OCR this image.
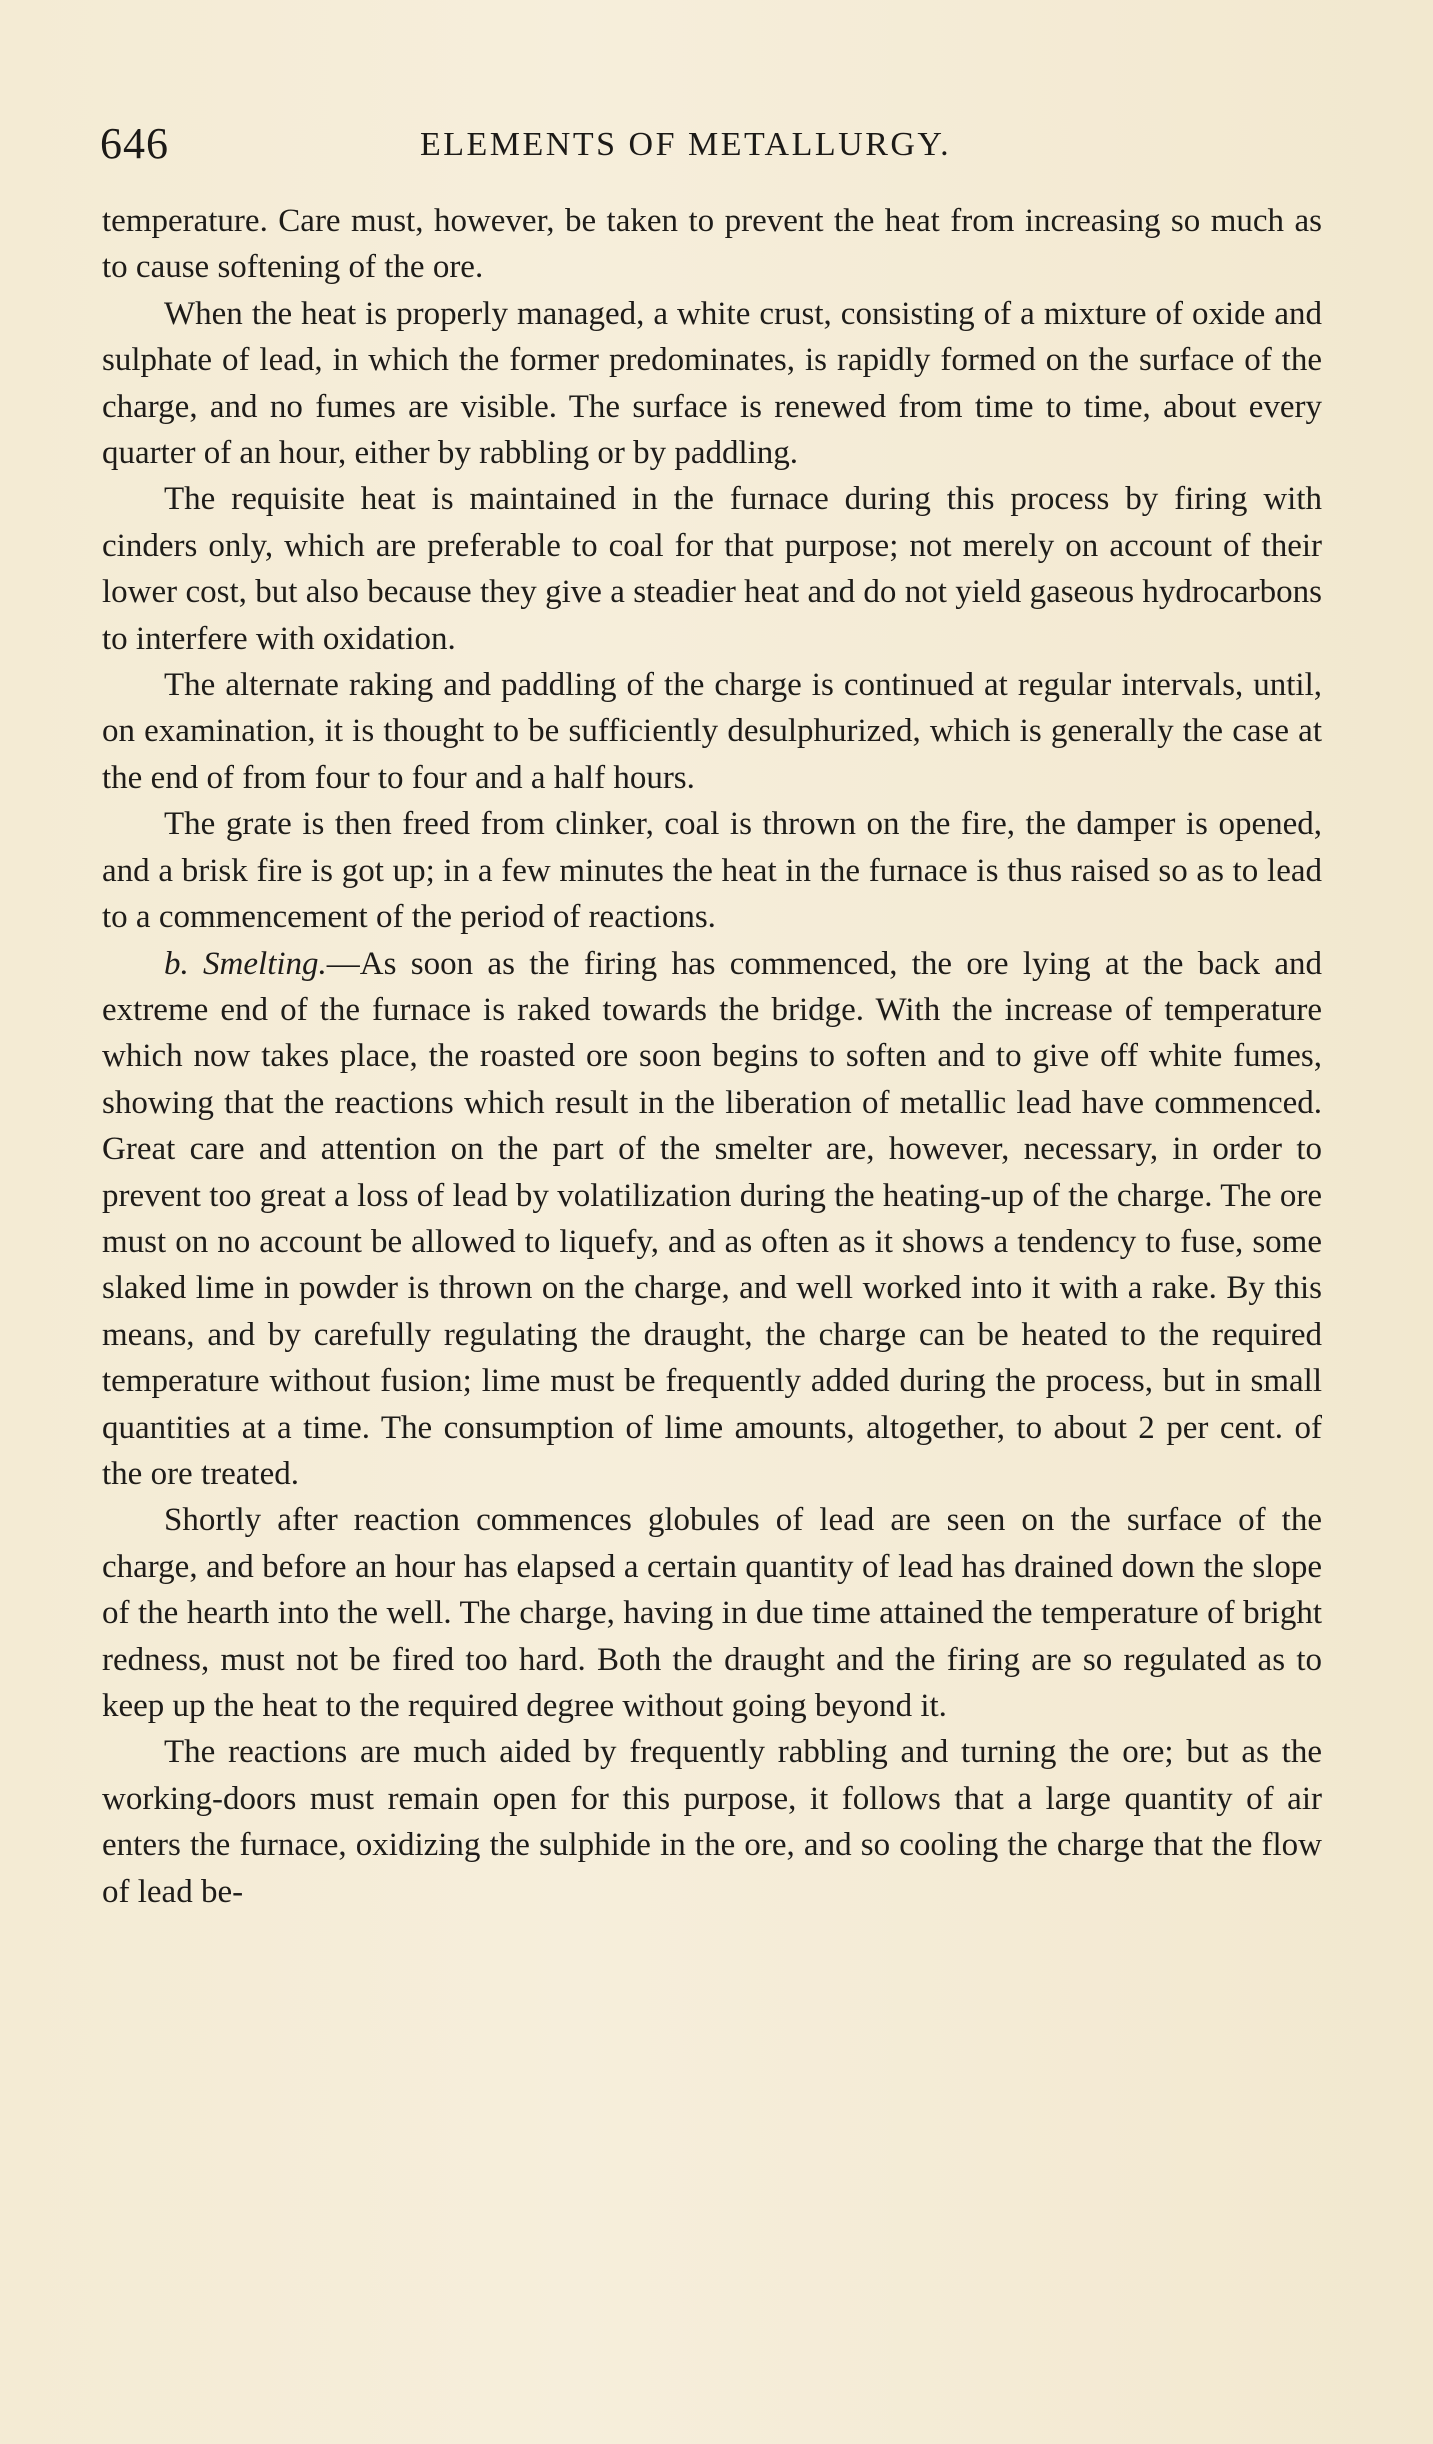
646	ELEMENTS OF METALLURGY.

temperature. Care must, however, be taken to prevent the heat from increasing so much as to cause softening of the ore.

When the heat is properly managed, a white crust, consisting of a mixture of oxide and sulphate of lead, in which the former predominates, is rapidly formed on the surface of the charge, and no fumes are visible. The surface is renewed from time to time, about every quarter of an hour, either by rabbling or by paddling.

The requisite heat is maintained in the furnace during this process by firing with cinders only, which are preferable to coal for that purpose; not merely on account of their lower cost, but also because they give a steadier heat and do not yield gaseous hydrocarbons to interfere with oxidation.

The alternate raking and paddling of the charge is continued at regular intervals, until, on examination, it is thought to be sufficiently desulphurized, which is generally the case at the end of from four to four and a half hours.

The grate is then freed from clinker, coal is thrown on the fire, the damper is opened, and a brisk fire is got up; in a few minutes the heat in the furnace is thus raised so as to lead to a commencement of the period of reactions.

b. Smelting.—As soon as the firing has commenced, the ore lying at the back and extreme end of the furnace is raked towards the bridge. With the increase of temperature which now takes place, the roasted ore soon begins to soften and to give off white fumes, showing that the reactions which result in the liberation of metallic lead have commenced. Great care and attention on the part of the smelter are, however, necessary, in order to prevent too great a loss of lead by volatilization during the heating-up of the charge. The ore must on no account be allowed to liquefy, and as often as it shows a tendency to fuse, some slaked lime in powder is thrown on the charge, and well worked into it with a rake. By this means, and by carefully regulating the draught, the charge can be heated to the required temperature without fusion; lime must be frequently added during the process, but in small quantities at a time. The consumption of lime amounts, altogether, to about 2 per cent. of the ore treated.

Shortly after reaction commences globules of lead are seen on the surface of the charge, and before an hour has elapsed a certain quantity of lead has drained down the slope of the hearth into the well. The charge, having in due time attained the temperature of bright redness, must not be fired too hard. Both the draught and the firing are so regulated as to keep up the heat to the required degree without going beyond it.

The reactions are much aided by frequently rabbling and turning the ore; but as the working-doors must remain open for this purpose, it follows that a large quantity of air enters the furnace, oxidizing the sulphide in the ore, and so cooling the charge that the flow of lead be-
